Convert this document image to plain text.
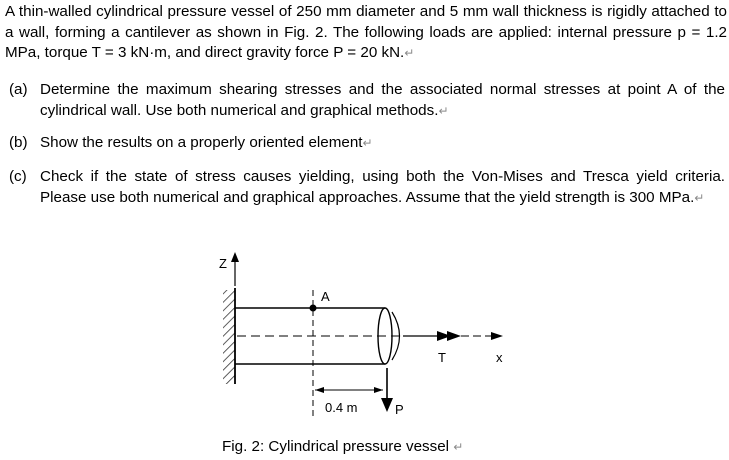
A thin-walled cylindrical pressure vessel of 250 mm diameter and 5 mm wall thickness is rigidly attached to a wall, forming a cantilever as shown in Fig. 2. The following loads are applied: internal pressure p = 1.2 MPa, torque T = 3 kN·m, and direct gravity force P = 20 kN.↵

(a) Determine the maximum shearing stresses and the associated normal stresses at point A of the cylindrical wall. Use both numerical and graphical methods.↵
(b) Show the results on a properly oriented element↵
(c) Check if the state of stress causes yielding, using both the Von-Mises and Tresca yield criteria. Please use both numerical and graphical approaches. Assume that the yield strength is 300 MPa.↵
Z
A
T	x
0.4 m	P
Fig. 2: Cylindrical pressure vessel ↵
